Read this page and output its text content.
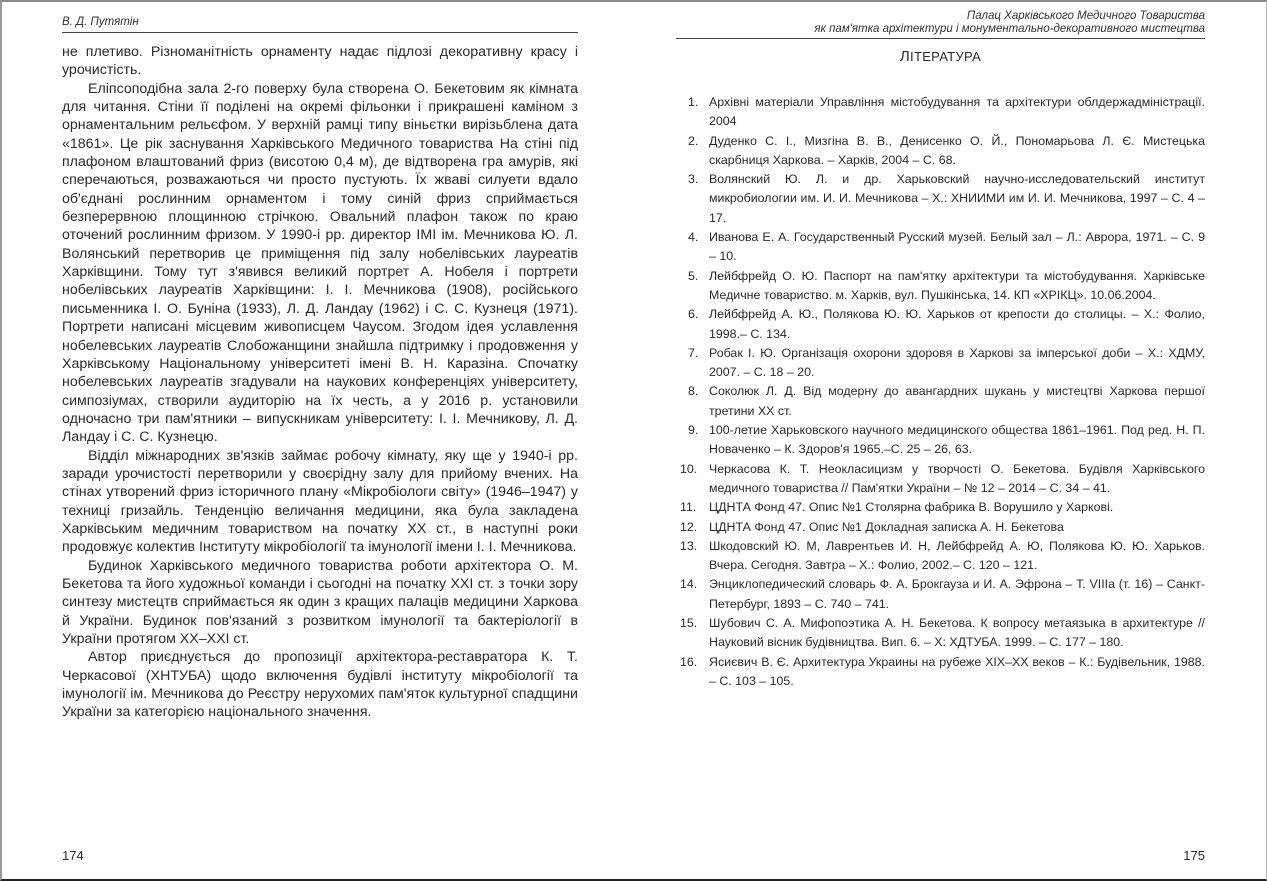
В. Д. Путятін

не плетиво. Різноманітність орнаменту надає підлозі декоративну красу і урочистість.

Еліпсоподібна зала 2-го поверху була створена О. Бекетовим як кімната для читання. Стіни її поділені на окремі фільонки і прикрашені каміном з орнаментальним рельєфом. У верхній рамці типу віньєтки вирізьблена дата «1861». Це рік заснування Харківського Медичного товариства На стіні під плафоном влаштований фриз (висотою 0,4 м), де відтворена гра амурів, які сперечаються, розважаються чи просто пустують. Їх жваві силуети вдало об'єднані рослинним орнаментом і тому синій фриз сприймається безперервною площинною стрічкою. Овальний плафон також по краю оточений рослинним фризом. У 1990-і рр. директор ІМІ ім. Мечникова Ю. Л. Волянський перетворив це приміщення під залу нобелівських лауреатів Харківщини. Тому тут з'явився великий портрет А. Нобеля і портрети нобелівських лауреатів Харківщини: І. І. Мечникова (1908), російського письменника І. О. Буніна (1933), Л. Д. Ландау (1962) і С. С. Кузнеця (1971). Портрети написані місцевим живописцем Чаусом. Згодом ідея уславлення нобелевських лауреатів Слобожанщини знайшла підтримку і продовження у Харківському Національному університеті імені В. Н. Каразіна. Спочатку нобелевських лауреатів згадували на наукових конференціях університету, симпозіумах, створили аудиторію на їх честь, а у 2016 р. установили одночасно три пам'ятники – випускникам університету: І. І. Мечникову, Л. Д. Ландау і С. С. Кузнецю.

Відділ міжнародних зв'язків займає робочу кімнату, яку ще у 1940-і рр. заради урочистості перетворили у своєрідну залу для прийому вчених. На стінах утворений фриз історичного плану «Мікробіологи світу» (1946–1947) у техниці гризайль. Тенденцію величання медицини, яка була закладена Харківським медичним товариством на початку XX ст., в наступні роки продовжує колектив Інституту мікробіології та імунології імени І. І. Мечникова.

Будинок Харківського медичного товариства роботи архітектора О. М. Бекетова та його художньої команди і сьогодні на початку XXI ст. з точки зору синтезу мистецтв сприймається як один з кращих палаців медицини Харкова й України. Будинок пов'язаний з розвитком імунології та бактеріології в України протягом XX–XXI ст.

Автор приєднується до пропозиції архітектора-реставратора К. Т. Черкасової (ХНТУБА) щодо включення будівлі інституту мікробіології та імунології ім. Мечникова до Реєстру нерухомих пам'яток культурної спадщини України за категорією національного значення.

174
Палац Харківського Медичного Товариства
як пам'ятка архітектури і монументально-декоративного мистецтва
ЛІТЕРАТУРА
1. Архівні матеріали Управління містобудування та архітектури облдержадміністрації. 2004
2. Дуденко С. І., Мизгіна В. В., Денисенко О. Й., Пономарьова Л. Є. Мистецька скарбниця Харкова. – Харків, 2004 – С. 68.
3. Волянский Ю. Л. и др. Харьковский научно-исследовательский институт микробиологии им. И. И. Мечникова – Х.: ХНИИМИ им И. И. Мечникова, 1997 – С. 4 – 17.
4. Иванова Е. А. Государственный Русский музей. Белый зал – Л.: Аврора, 1971. – С. 9 – 10.
5. Лейбфрейд О. Ю. Паспорт на пам'ятку архітектури та містобудування. Харківське Медичне товариство. м. Харків, вул. Пушкінська, 14. КП «ХРІКЦ». 10.06.2004.
6. Лейбфрейд А. Ю., Полякова Ю. Ю. Харьков от крепости до столицы. – Х.: Фолио, 1998.– С. 134.
7. Робак І. Ю. Організація охорони здоровя в Харкові за імперської доби – Х.: ХДМУ, 2007. – С. 18 – 20.
8. Соколюк Л. Д. Від модерну до авангардних шукань у мистецтві Харкова першої третини XX ст.
9. 100-летие Харьковского научного медицинского общества 1861–1961. Под ред. Н. П. Новаченко – К. Здоров'я 1965.–С. 25 – 26, 63.
10. Черкасова К. Т. Неокласицизм у творчості О. Бекетова. Будівля Харківського медичного товариства // Пам'ятки України – № 12 – 2014 – С. 34 – 41.
11. ЦДНТА Фонд 47. Опис №1 Столярна фабрика В. Ворушило у Харкові.
12. ЦДНТА Фонд 47. Опис №1 Докладная записка А. Н. Бекетова
13. Шкодовский Ю. М, Лаврентьев И. Н, Лейбфрейд А. Ю, Полякова Ю. Ю. Харьков. Вчера. Сегодня. Завтра – Х.: Фолио, 2002.– С. 120 – 121.
14. Энциклопедический словарь Ф. А. Брокгауза и И. А. Эфрона – Т. VIIIa (т. 16) – Санкт-Петербург, 1893 – С. 740 – 741.
15. Шубович С. А. Мифопоэтика А. Н. Бекетова. К вопросу метаязыка в архитектуре // Науковий вісник будівництва. Вип. 6. – Х: ХДТУБА. 1999. – С. 177 – 180.
16. Ясиєвич В. Є. Архитектура Украины на рубеже XIX–XX веков – К.: Будівельник, 1988. – С. 103 – 105.
175
